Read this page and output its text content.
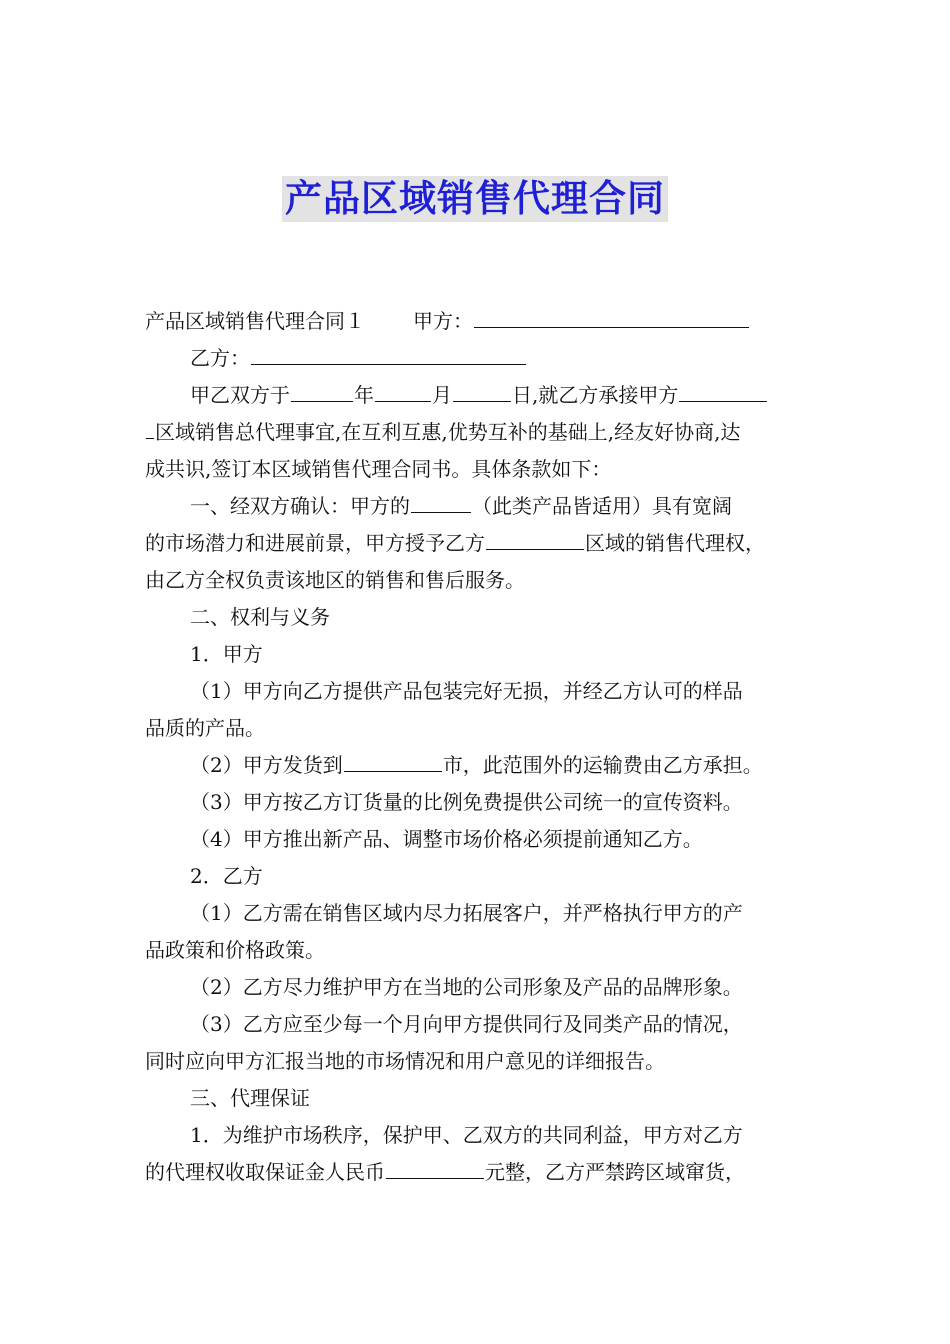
产品区域销售代理合同
产品区域销售代理合同１ 甲方：
乙方：
甲乙双方于	年	月	日,就乙方承接甲方
区域销售总代理事宜,在互利互惠,优势互补的基础上,经友好协商,达
成共识,签订本区域销售代理合同书。具体条款如下：
一、经双方确认：甲方的	（此类产品皆适用）具有宽阔
的市场潜力和进展前景，甲方授予乙方	区域的销售代理权，
由乙方全权负责该地区的销售和售后服务。
二、权利与义务
1．甲方
（1）甲方向乙方提供产品包装完好无损，并经乙方认可的样品
品质的产品。
（2）甲方发货到	市，此范围外的运输费由乙方承担。
（3）甲方按乙方订货量的比例免费提供公司统一的宣传资料。
（4）甲方推出新产品、调整市场价格必须提前通知乙方。
2．乙方
（1）乙方需在销售区域内尽力拓展客户，并严格执行甲方的产
品政策和价格政策。
（2）乙方尽力维护甲方在当地的公司形象及产品的品牌形象。
（3）乙方应至少每一个月向甲方提供同行及同类产品的情况，
同时应向甲方汇报当地的市场情况和用户意见的详细报告。
三、代理保证
1．为维护市场秩序，保护甲、乙双方的共同利益，甲方对乙方
的代理权收取保证金人民币	元整，乙方严禁跨区域窜货，
